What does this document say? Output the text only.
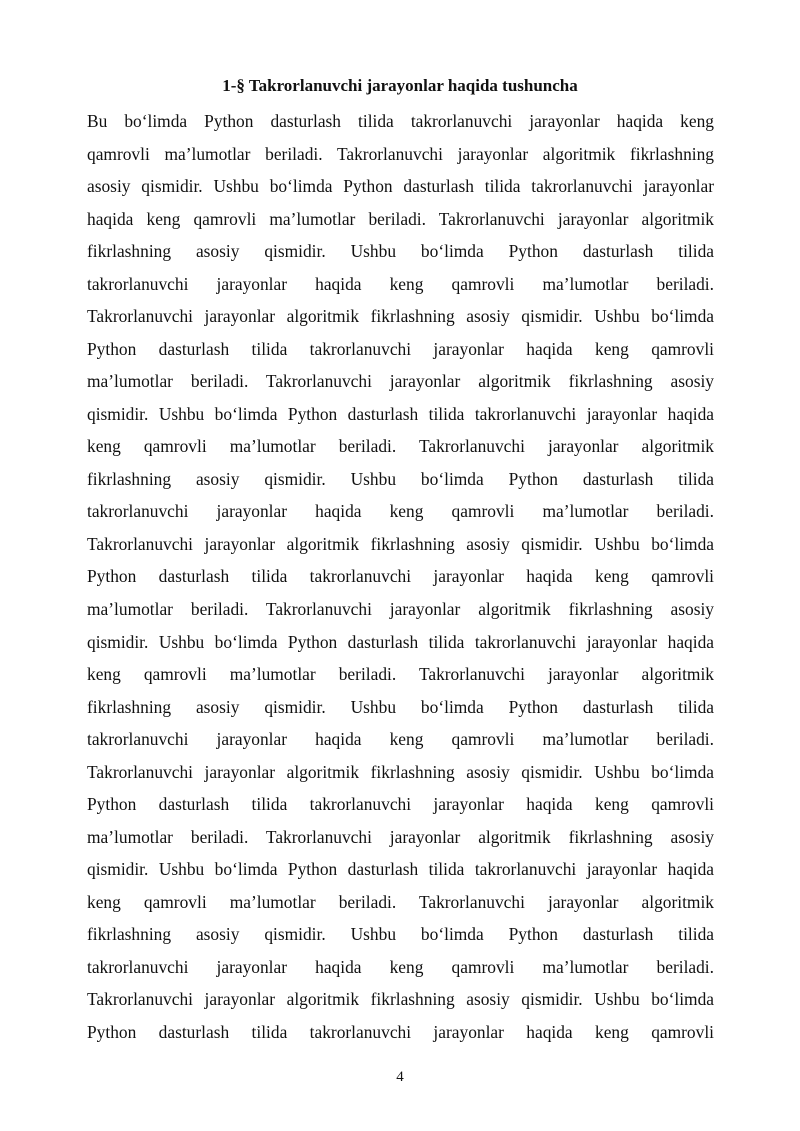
1-§ Takrorlanuvchi jarayonlar haqida tushuncha
Bu bo‘limda Python dasturlash tilida takrorlanuvchi jarayonlar haqida keng
qamrovli ma’lumotlar beriladi. Takrorlanuvchi jarayonlar algoritmik fikrlashning
asosiy qismidir. Ushbu bo‘limda Python dasturlash tilida takrorlanuvchi jarayonlar
haqida keng qamrovli ma’lumotlar beriladi. Takrorlanuvchi jarayonlar algoritmik
fikrlashning asosiy qismidir. Ushbu bo‘limda Python dasturlash tilida
takrorlanuvchi jarayonlar haqida keng qamrovli ma’lumotlar beriladi.
Takrorlanuvchi jarayonlar algoritmik fikrlashning asosiy qismidir. Ushbu bo‘limda
Python dasturlash tilida takrorlanuvchi jarayonlar haqida keng qamrovli
ma’lumotlar beriladi. Takrorlanuvchi jarayonlar algoritmik fikrlashning asosiy
qismidir. Ushbu bo‘limda Python dasturlash tilida takrorlanuvchi jarayonlar haqida
keng qamrovli ma’lumotlar beriladi. Takrorlanuvchi jarayonlar algoritmik
fikrlashning asosiy qismidir. Ushbu bo‘limda Python dasturlash tilida
takrorlanuvchi jarayonlar haqida keng qamrovli ma’lumotlar beriladi.
Takrorlanuvchi jarayonlar algoritmik fikrlashning asosiy qismidir. Ushbu bo‘limda
Python dasturlash tilida takrorlanuvchi jarayonlar haqida keng qamrovli
ma’lumotlar beriladi. Takrorlanuvchi jarayonlar algoritmik fikrlashning asosiy
qismidir. Ushbu bo‘limda Python dasturlash tilida takrorlanuvchi jarayonlar haqida
keng qamrovli ma’lumotlar beriladi. Takrorlanuvchi jarayonlar algoritmik
fikrlashning asosiy qismidir. Ushbu bo‘limda Python dasturlash tilida
takrorlanuvchi jarayonlar haqida keng qamrovli ma’lumotlar beriladi.
Takrorlanuvchi jarayonlar algoritmik fikrlashning asosiy qismidir. Ushbu bo‘limda
Python dasturlash tilida takrorlanuvchi jarayonlar haqida keng qamrovli
ma’lumotlar beriladi. Takrorlanuvchi jarayonlar algoritmik fikrlashning asosiy
qismidir. Ushbu bo‘limda Python dasturlash tilida takrorlanuvchi jarayonlar haqida
keng qamrovli ma’lumotlar beriladi. Takrorlanuvchi jarayonlar algoritmik
fikrlashning asosiy qismidir. Ushbu bo‘limda Python dasturlash tilida
takrorlanuvchi jarayonlar haqida keng qamrovli ma’lumotlar beriladi.
Takrorlanuvchi jarayonlar algoritmik fikrlashning asosiy qismidir. Ushbu bo‘limda
Python dasturlash tilida takrorlanuvchi jarayonlar haqida keng qamrovli
4
